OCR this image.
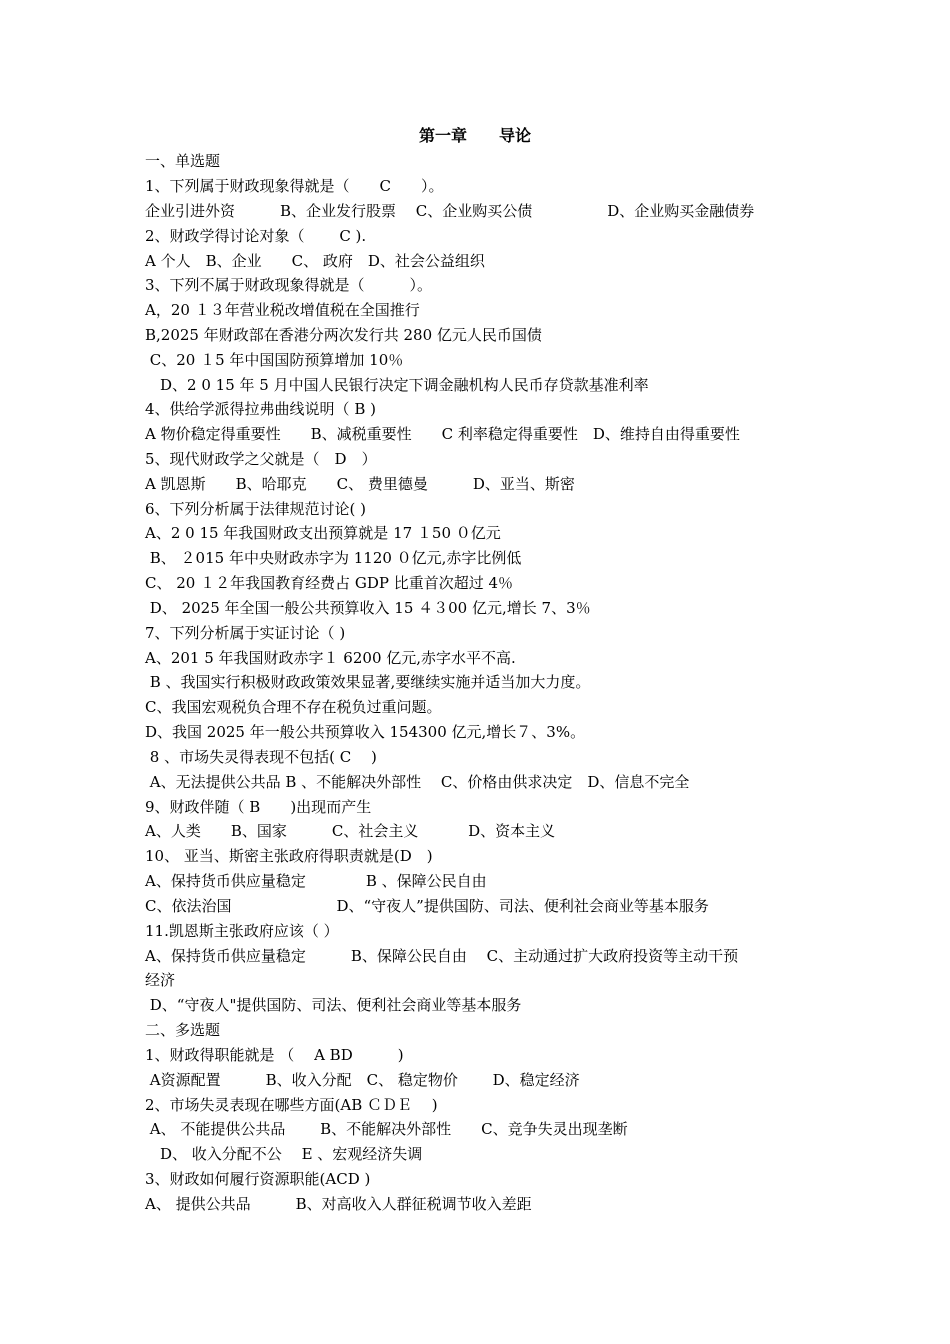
第一章　　导论
一、单选题
1、下列属于财政现象得就是（　　C　　）。
企业引进外资　　　B、企业发行股票　 C、企业购买公债　　　　　D、企业购买金融债券
2、财政学得讨论对象（　　 C ).
A 个人　B、企业　　C、 政府　D、社会公益组织
3、下列不属于财政现象得就是（　　　）。
A，20 １３年营业税改增值税在全国推行
B,2025 年财政部在香港分两次发行共 280 亿元人民币国债
C、20 １5 年中国国防预算增加 10％
　D、2 0 15 年 5 月中国人民银行决定下调金融机构人民币存贷款基准利率
4、供给学派得拉弗曲线说明（ B )
A 物价稳定得重要性　　B、减税重要性　　C 利率稳定得重要性　D、维持自由得重要性
5、现代财政学之父就是（　D　）
A 凯恩斯　　B、哈耶克　　C、 费里德曼　　　D、亚当、斯密
6、下列分析属于法律规范讨论( )
A、2 0 15 年我国财政支出预算就是 17 １50 ０亿元
B、 ２015 年中央财政赤字为 1120 ０亿元,赤字比例低
C、 20 １２年我国教育经费占 GDP 比重首次超过 4％
D、 2025 年全国一般公共预算收入 15 ４３00 亿元,增长 7、3％
7、下列分析属于实证讨论（ )
A、201 5 年我国财政赤字１ 6200 亿元,赤字水平不高.
B 、我国实行积极财政政策效果显著,要继续实施并适当加大力度。
C、我国宏观税负合理不存在税负过重问题。
D、我国 2025 年一般公共预算收入 154300 亿元,增长７、3%。
8 、市场失灵得表现不包括( C　 )
A、无法提供公共品 B 、不能解决外部性　 C、价格由供求决定　D、信息不完全
9、财政伴随（ B　　)出现而产生
A、人类　　B、国家　　　C、社会主义　　　 D、资本主义
10、 亚当、斯密主张政府得职责就是(D　)
A、保持货币供应量稳定　　　　B 、保障公民自由
C、依法治国　　　　　　　D、“守夜人”提供国防、司法、便利社会商业等基本服务
11.凯恩斯主张政府应该（ ）
A、保持货币供应量稳定　　　B、保障公民自由　 C、主动通过扩大政府投资等主动干预
经济
D、“守夜人"提供国防、司法、便利社会商业等基本服务
二、多选题
1、财政得职能就是 （　 A BD　　　)
A资源配置　　　B、收入分配　C、 稳定物价　　 D、稳定经济
2、市场失灵表现在哪些方面(AB ＣＤＥ　 )
A、 不能提供公共品　　 B、不能解决外部性　　C、竞争失灵出现垄断
　D、 收入分配不公　 E 、宏观经济失调
3、财政如何履行资源职能(ACD )
A、 提供公共品　　　B、对高收入人群征税调节收入差距
